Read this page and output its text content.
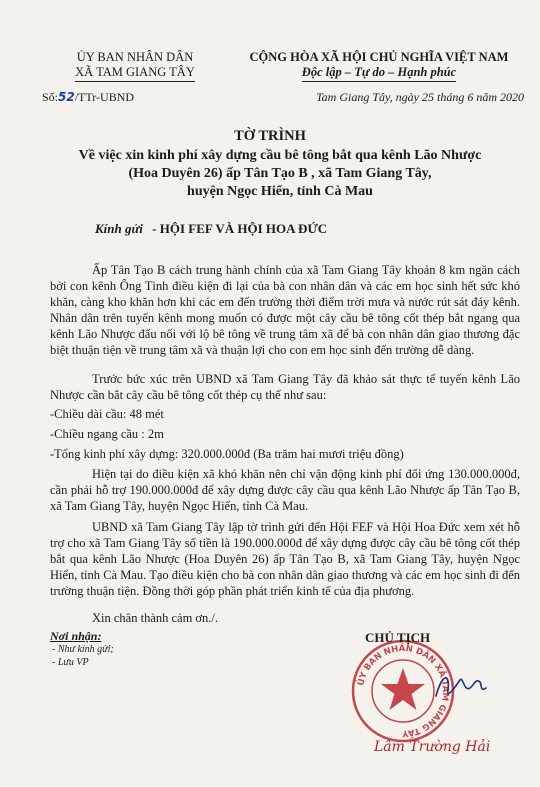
ỦY BAN NHÂN DÂN
XÃ TAM GIANG TÂY
CỘNG HÒA XÃ HỘI CHỦ NGHĨA VIỆT NAM
Độc lập – Tự do – Hạnh phúc
Số:52/TTr-UBND	Tam Giang Tây, ngày 25 tháng 6 năm 2020
TỜ TRÌNH
Về việc xin kinh phí xây dựng cầu bê tông bắt qua kênh Lão Nhược
(Hoa Duyên 26) ấp Tân Tạo B , xã Tam Giang Tây,
huyện Ngọc Hiển, tỉnh Cà Mau
Kính gửi - HỘI FEF VÀ HỘI HOA ĐỨC

Ấp Tân Tạo B cách trung hành chính của xã Tam Giang Tây khoản 8 km ngăn cách bởi con kênh Ông Tình điều kiện đi lại của bà con nhân dân và các em học sinh hết sức khó khăn, càng kho khăn hơn khi các em đến trường thời điểm trời mưa và nước rút sát đáy kênh. Nhân dân trên tuyến kênh mong muốn có được một cây cầu bê tông cốt thép bắt ngang qua kênh Lão Nhược đấu nối với lộ bê tông về trung tâm xã để bà con nhân dân giao thương đặc biệt thuận tiện về trung tâm xã và thuận lợi cho con em học sinh đến trường dễ dàng.

Trước bức xúc trên UBND xã Tam Giang Tây đã khảo sát thực tế tuyến kênh Lão Nhược cần bắt cây cầu bê tông cốt thép cụ thể như sau:

-Chiều dài cầu: 48 mét

-Chiều ngang cầu : 2m

-Tổng kinh phí xây dựng: 320.000.000đ (Ba trăm hai mươi triệu đồng)

Hiện tại do điều kiện xã khó khăn nên chỉ vận động kinh phí đối ứng 130.000.000đ, cần phải hỗ trợ 190.000.000đ để xây dựng được cây cầu qua kênh Lão Nhược ấp Tân Tạo B, xã Tam Giang Tây, huyện Ngọc Hiển, tỉnh Cà Mau.

UBND xã Tam Giang Tây lập tờ trình gửi đến Hội FEF và Hội Hoa Đức xem xét hỗ trợ cho xã Tam Giang Tây số tiền là 190.000.000đ để xây dựng được cây cầu bê tông cốt thép bắt qua kênh Lão Nhược (Hoa Duyên 26) ấp Tân Tạo B, xã Tam Giang Tây, huyện Ngọc Hiển, tỉnh Cà Mau. Tạo điều kiện cho bà con nhân dân giao thương và các em học sinh đi đến trường thuận tiện. Đồng thời góp phần phát triển kinh tế của địa phương.

Xin chân thành cảm ơn./.
Nơi nhận:
- Như kính gửi;
- Lưu VP
ỦY BAN NHÂN DÂN XÃ TAM GIANG TÂY
CHỦ TỊCH
Lâm Trường Hải
